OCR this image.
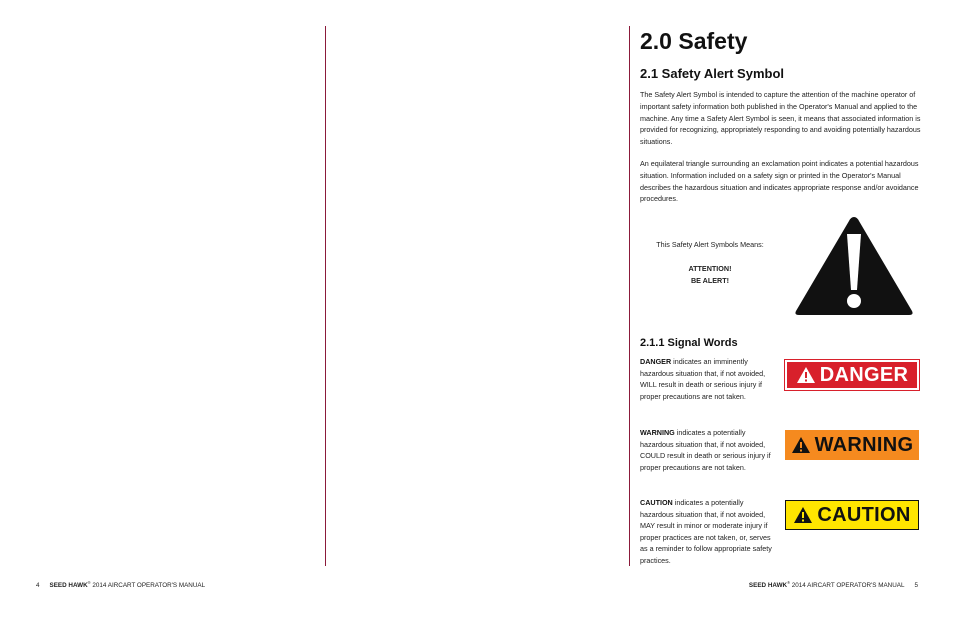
2.0 Safety
2.1 Safety Alert Symbol

The Safety Alert Symbol is intended to capture the attention of the machine operator of important safety information both published in the Operator's Manual and applied to the machine. Any time a Safety Alert Symbol is seen, it means that associated information is provided for recognizing, appropriately responding to and avoiding potentially hazardous situations.

An equilateral triangle surrounding an exclamation point indicates a potential hazardous situation. Information included on a safety sign or printed in the Operator's Manual describes the hazardous situation and indicates appropriate response and/or avoidance procedures.

This Safety Alert Symbols Means:
ATTENTION!
BE ALERT!
2.1.1 Signal Words

DANGER indicates an imminently hazardous situation that, if not avoided, WILL result in death or serious injury if proper precautions are not taken.

WARNING indicates a potentially hazardous situation that, if not avoided, COULD result in death or serious injury if proper precautions are not taken.

CAUTION indicates a potentially hazardous situation that, if not avoided, MAY result in minor or moderate injury if proper practices are not taken, or, serves as a reminder to follow appropriate safety practices.

DANGER
WARNING
CAUTION
4 SEED HAWK® 2014 AIRCART OPERATOR'S MANUAL	SEED HAWK® 2014 AIRCART OPERATOR'S MANUAL 5
